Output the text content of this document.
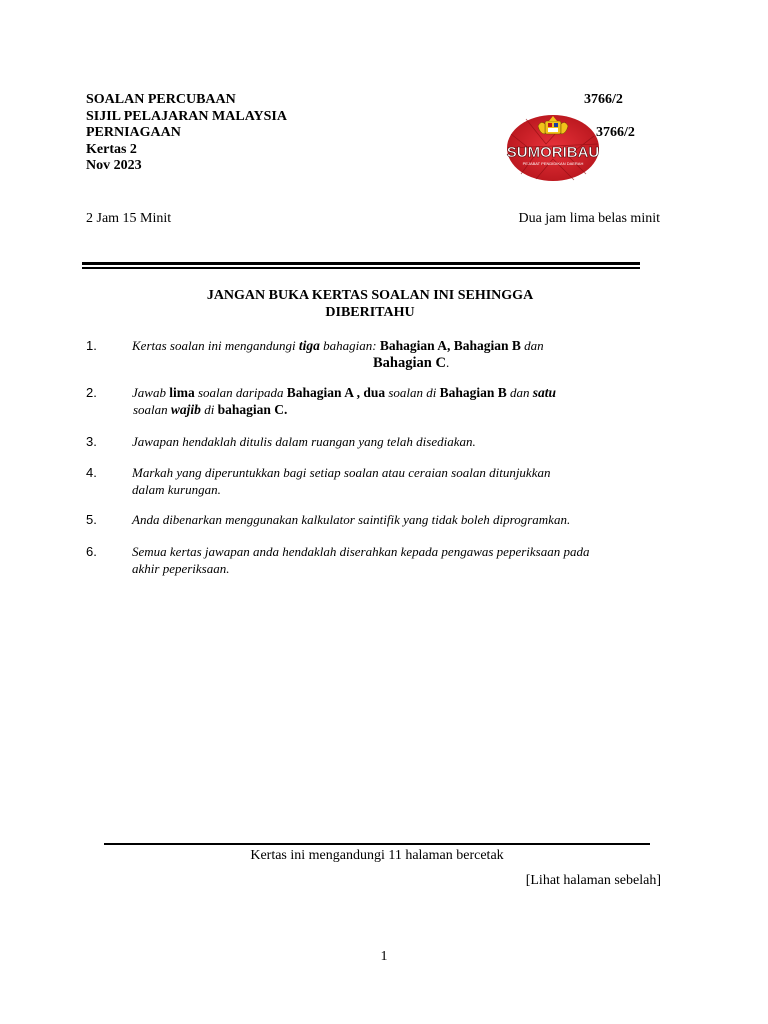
SOALAN PERCUBAAN
SIJIL PELAJARAN MALAYSIA
PERNIAGAAN
Kertas 2
Nov 2023
3766/2
3766/2
SUMORIBAU
PEJABAT PENDIDIKAN DAERAH
2 Jam 15 Minit	Dua jam lima belas minit
JANGAN BUKA KERTAS SOALAN INI SEHINGGA
DIBERITAHU
1.	Kertas soalan ini mengandungi tiga bahagian: Bahagian A, Bahagian B dan
Bahagian C.
2.	Jawab lima soalan daripada Bahagian A , dua soalan di Bahagian B dan satu
soalan wajib di bahagian C.
3.	Jawapan hendaklah ditulis dalam ruangan yang telah disediakan.
4.	Markah yang diperuntukkan bagi setiap soalan atau ceraian soalan ditunjukkan
dalam kurungan.
5.	Anda dibenarkan menggunakan kalkulator saintifik yang tidak boleh diprogramkan.
6.	Semua kertas jawapan anda hendaklah diserahkan kepada pengawas peperiksaan pada
akhir peperiksaan.
Kertas ini mengandungi 11 halaman bercetak
[Lihat halaman sebelah]
1
